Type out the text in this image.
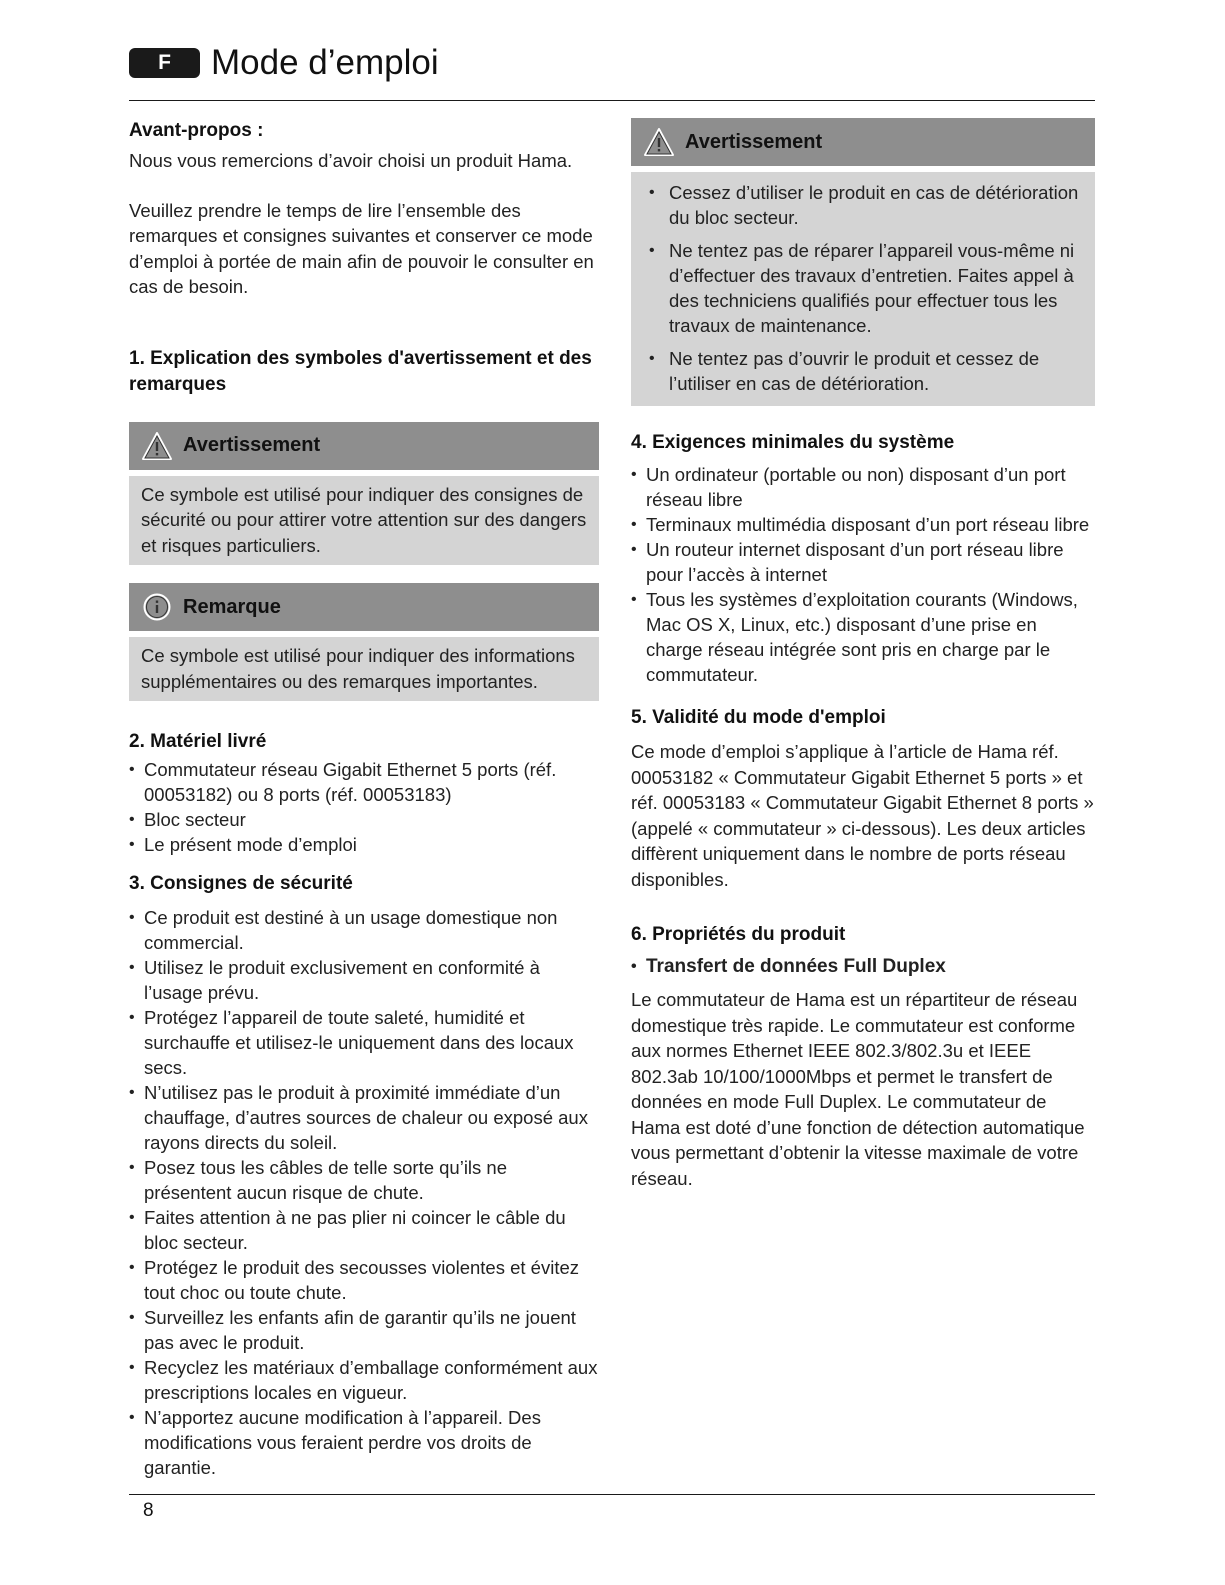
F	Mode d’emploi

Avant-propos :

Nous vous remercions d’avoir choisi un produit Hama.

Veuillez prendre le temps de lire l’ensemble des remarques et consignes suivantes et conserver ce mode d’emploi à portée de main afin de pouvoir le consulter en cas de besoin.

1. Explication des symboles d'avertissement et des remarques

Avertissement
Ce symbole est utilisé pour indiquer des consignes de sécurité ou pour attirer votre attention sur des dangers et risques particuliers.
Remarque
Ce symbole est utilisé pour indiquer des informations supplémentaires ou des remarques importantes.

2. Matériel livré

• Commutateur réseau Gigabit Ethernet 5 ports (réf. 00053182) ou 8 ports (réf. 00053183)
• Bloc secteur
• Le présent mode d’emploi

3. Consignes de sécurité

• Ce produit est destiné à un usage domestique non commercial.
• Utilisez le produit exclusivement en conformité à l’usage prévu.
• Protégez l’appareil de toute saleté, humidité et surchauffe et utilisez-le uniquement dans des locaux secs.
• N’utilisez pas le produit à proximité immédiate d’un chauffage, d’autres sources de chaleur ou exposé aux rayons directs du soleil.
• Posez tous les câbles de telle sorte qu’ils ne présentent aucun risque de chute.
• Faites attention à ne pas plier ni coincer le câble du bloc secteur.
• Protégez le produit des secousses violentes et évitez tout choc ou toute chute.
• Surveillez les enfants afin de garantir qu’ils ne jouent pas avec le produit.
• Recyclez les matériaux d’emballage conformément aux prescriptions locales en vigueur.
• N’apportez aucune modification à l’appareil. Des modifications vous feraient perdre vos droits de garantie.
Avertissement
• Cessez d’utiliser le produit en cas de détérioration du bloc secteur.
• Ne tentez pas de réparer l’appareil vous-même ni d’effectuer des travaux d’entretien. Faites appel à des techniciens qualifiés pour effectuer tous les travaux de maintenance.
• Ne tentez pas d’ouvrir le produit et cessez de l’utiliser en cas de détérioration.

4. Exigences minimales du système

• Un ordinateur (portable ou non) disposant d’un port réseau libre
• Terminaux multimédia disposant d’un port réseau libre
• Un routeur internet disposant d’un port réseau libre pour l’accès à internet
• Tous les systèmes d’exploitation courants (Windows, Mac OS X, Linux, etc.) disposant d’une prise en charge réseau intégrée sont pris en charge par le commutateur.

5. Validité du mode d'emploi

Ce mode d’emploi s’applique à l’article de Hama réf. 00053182 « Commutateur Gigabit Ethernet 5 ports » et réf. 00053183 « Commutateur Gigabit Ethernet 8 ports » (appelé « commutateur » ci-dessous). Les deux articles diffèrent uniquement dans le nombre de ports réseau disponibles.

6. Propriétés du produit

• Transfert de données Full Duplex

Le commutateur de Hama est un répartiteur de réseau domestique très rapide. Le commutateur est conforme aux normes Ethernet IEEE 802.3/802.3u et IEEE 802.3ab 10/100/1000Mbps et permet le transfert de données en mode Full Duplex. Le commutateur de Hama est doté d’une fonction de détection automatique vous permettant d’obtenir la vitesse maximale de votre réseau.

8
